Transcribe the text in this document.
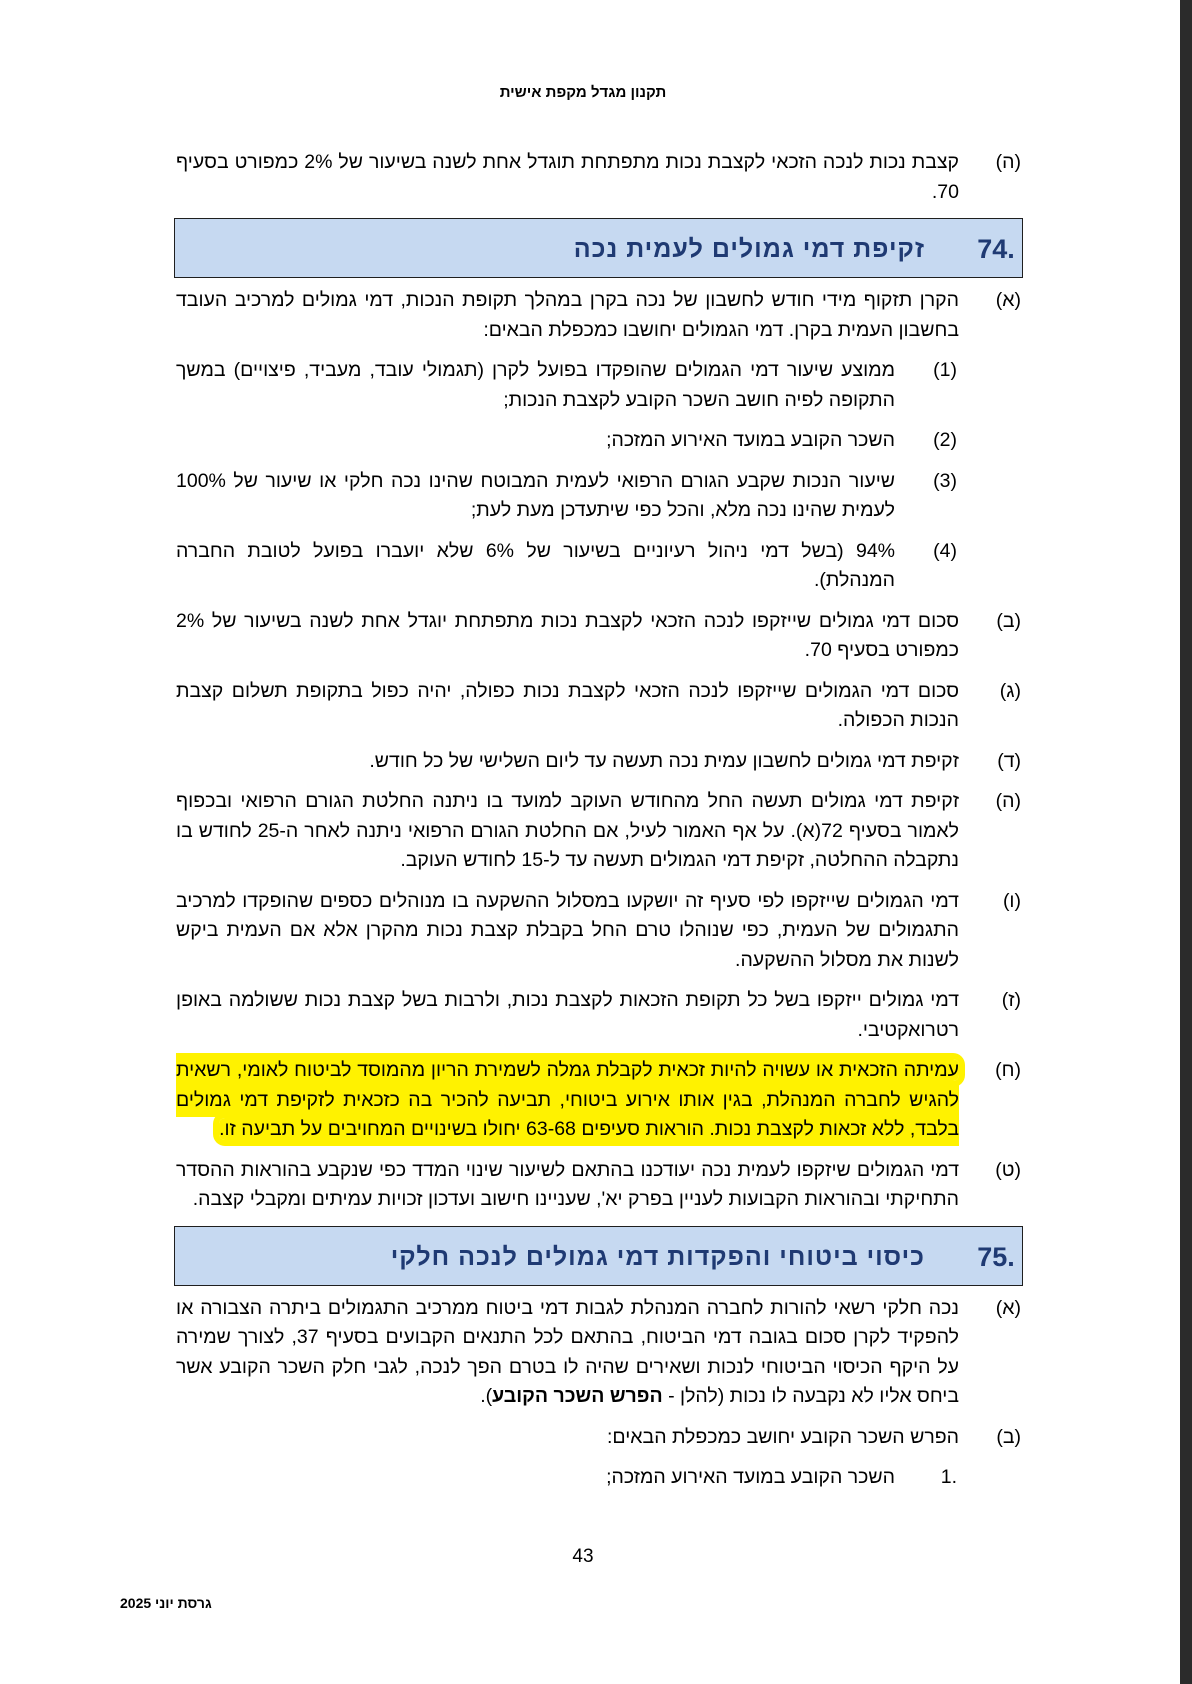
תקנון מגדל מקפת אישית
(ה)
קצבת נכות לנכה הזכאי לקצבת נכות מתפתחת תוגדל אחת לשנה בשיעור של 2% כמפורט בסעיף 70.
74.
זקיפת דמי גמולים לעמית נכה
(א)
הקרן תזקוף מידי חודש לחשבון של נכה בקרן במהלך תקופת הנכות, דמי גמולים למרכיב העובד בחשבון העמית בקרן. דמי הגמולים יחושבו כמכפלת הבאים:
(1)
ממוצע שיעור דמי הגמולים שהופקדו בפועל לקרן (תגמולי עובד, מעביד, פיצויים) במשך התקופה לפיה חושב השכר הקובע לקצבת הנכות;
(2)
השכר הקובע במועד האירוע המזכה;
(3)
שיעור הנכות שקבע הגורם הרפואי לעמית המבוטח שהינו נכה חלקי או שיעור של 100% לעמית שהינו נכה מלא, והכל כפי שיתעדכן מעת לעת;
(4)
94% (בשל דמי ניהול רעיוניים בשיעור של 6% שלא יועברו בפועל לטובת החברה המנהלת).
(ב)
סכום דמי גמולים שייזקפו לנכה הזכאי לקצבת נכות מתפתחת יוגדל אחת לשנה בשיעור של 2% כמפורט בסעיף 70.
(ג)
סכום דמי הגמולים שייזקפו לנכה הזכאי לקצבת נכות כפולה, יהיה כפול בתקופת תשלום קצבת הנכות הכפולה.
(ד)
זקיפת דמי גמולים לחשבון עמית נכה תעשה עד ליום השלישי של כל חודש.
(ה)
זקיפת דמי גמולים תעשה החל מהחודש העוקב למועד בו ניתנה החלטת הגורם הרפואי ובכפוף לאמור בסעיף 72(א). על אף האמור לעיל, אם החלטת הגורם הרפואי ניתנה לאחר ה-25 לחודש בו נתקבלה ההחלטה, זקיפת דמי הגמולים תעשה עד ל-15 לחודש העוקב.
(ו)
דמי הגמולים שייזקפו לפי סעיף זה יושקעו במסלול ההשקעה בו מנוהלים כספים שהופקדו למרכיב התגמולים של העמית, כפי שנוהלו טרם החל בקבלת קצבת נכות מהקרן אלא אם העמית ביקש לשנות את מסלול ההשקעה.
(ז)
דמי גמולים ייזקפו בשל כל תקופת הזכאות לקצבת נכות, ולרבות בשל קצבת נכות ששולמה באופן רטרואקטיבי.
(ח)
עמיתה הזכאית או עשויה להיות זכאית לקבלת גמלה לשמירת הריון מהמוסד לביטוח לאומי, רשאית להגיש לחברה המנהלת, בגין אותו אירוע ביטוחי, תביעה להכיר בה כזכאית לזקיפת דמי גמולים בלבד, ללא זכאות לקצבת נכות. הוראות סעיפים 63-68 יחולו בשינויים המחויבים על תביעה זו.
(ט)
דמי הגמולים שיזקפו לעמית נכה יעודכנו בהתאם לשיעור שינוי המדד כפי שנקבע בהוראות ההסדר התחיקתי ובהוראות הקבועות לעניין בפרק יא', שעניינו חישוב ועדכון זכויות עמיתים ומקבלי קצבה.
75.
כיסוי ביטוחי והפקדות דמי גמולים לנכה חלקי
(א)
נכה חלקי רשאי להורות לחברה המנהלת לגבות דמי ביטוח ממרכיב התגמולים ביתרה הצבורה או להפקיד לקרן סכום בגובה דמי הביטוח, בהתאם לכל התנאים הקבועים בסעיף 37, לצורך שמירה על היקף הכיסוי הביטוחי לנכות ושאירים שהיה לו בטרם הפך לנכה, לגבי חלק השכר הקובע אשר ביחס אליו לא נקבעה לו נכות (להלן - הפרש השכר הקובע).
(ב)
הפרש השכר הקובע יחושב כמכפלת הבאים:
.1
השכר הקובע במועד האירוע המזכה;
43
גרסת יוני 2025
